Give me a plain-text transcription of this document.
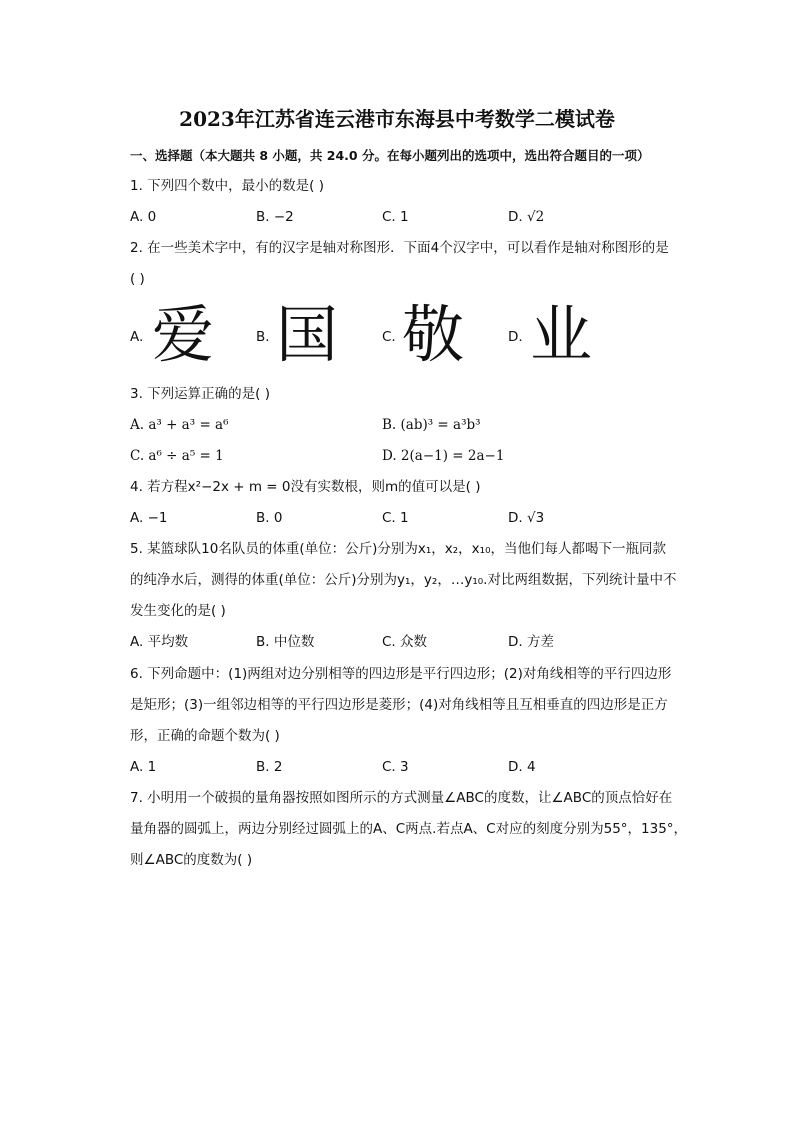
2023年江苏省连云港市东海县中考数学二模试卷
一、选择题（本大题共 8 小题，共 24.0 分。在每小题列出的选项中，选出符合题目的一项）
1. 下列四个数中，最小的数是( )
A. 0	B. −2	C. 1	D. √2
2. 在一些美术字中，有的汉字是轴对称图形．下面4个汉字中，可以看作是轴对称图形的是
( )
A. 爱	B. 国	C. 敬	D. 业
3. 下列运算正确的是( )
A. a³ + a³ = a⁶	B. (ab)³ = a³b³
C. a⁶ ÷ a⁵ = 1	D. 2(a−1) = 2a−1
4. 若方程x²−2x + m = 0没有实数根，则m的值可以是( )
A. −1	B. 0	C. 1	D. √3
5. 某篮球队10名队员的体重(单位：公斤)分别为x₁，x₂，x₁₀，当他们每人都喝下一瓶同款
的纯净水后，测得的体重(单位：公斤)分别为y₁，y₂，…y₁₀.对比两组数据，下列统计量中不
发生变化的是( )
A. 平均数	B. 中位数	C. 众数	D. 方差
6. 下列命题中：(1)两组对边分别相等的四边形是平行四边形；(2)对角线相等的平行四边形
是矩形；(3)一组邻边相等的平行四边形是菱形；(4)对角线相等且互相垂直的四边形是正方
形，正确的命题个数为( )
A. 1	B. 2	C. 3	D. 4
7. 小明用一个破损的量角器按照如图所示的方式测量∠ABC的度数，让∠ABC的顶点恰好在
量角器的圆弧上，两边分别经过圆弧上的A、C两点.若点A、C对应的刻度分别为55°，135°，
则∠ABC的度数为( )
